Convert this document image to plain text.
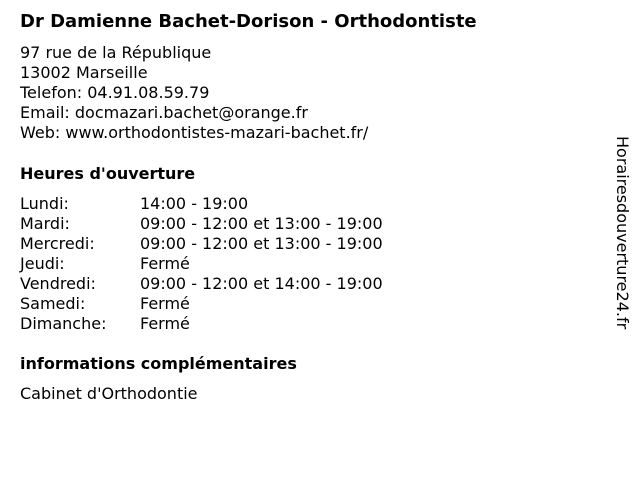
Dr Damienne Bachet-Dorison - Orthodontiste
97 rue de la République
13002 Marseille
Telefon: 04.91.08.59.79
Email: docmazari.bachet@orange.fr
Web: www.orthodontistes-mazari-bachet.fr/
Heures d'ouverture
Lundi:	14:00 - 19:00
Mardi:	09:00 - 12:00 et 13:00 - 19:00
Mercredi:	09:00 - 12:00 et 13:00 - 19:00
Jeudi:	Fermé
Vendredi:	09:00 - 12:00 et 14:00 - 19:00
Samedi:	Fermé
Dimanche:	Fermé
informations complémentaires
Cabinet d'Orthodontie
Horairesdouverture24.fr
